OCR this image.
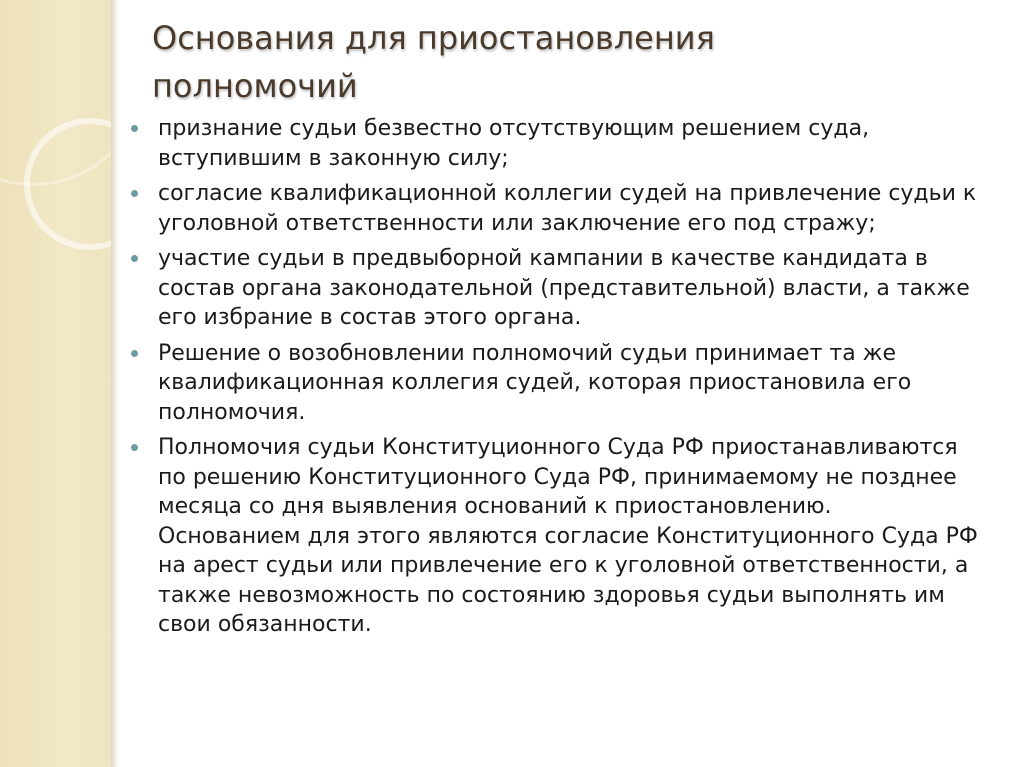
Основания для приостановления полномочий
признание судьи безвестно отсутствующим решением суда, вступившим в законную силу;
согласие квалификационной коллегии судей на привлечение судьи к уголовной ответственности или заключение его под стражу;
участие судьи в предвыборной кампании в качестве кандидата в состав органа законодательной (представительной) власти, а также его избрание в состав этого органа.
Решение о возобновлении полномочий судьи принимает та же квалификационная коллегия судей, которая приостановила его полномочия.
Полномочия судьи Конституционного Суда РФ приостанавливаются по решению Конституционного Суда РФ, принимаемому не позднее месяца со дня выявления оснований к приостановлению. Основанием для этого являются согласие Конституционного Суда РФ на арест судьи или привлечение его к уголовной ответственности, а также невозможность по состоянию здоровья судьи выполнять им свои обязанности.
